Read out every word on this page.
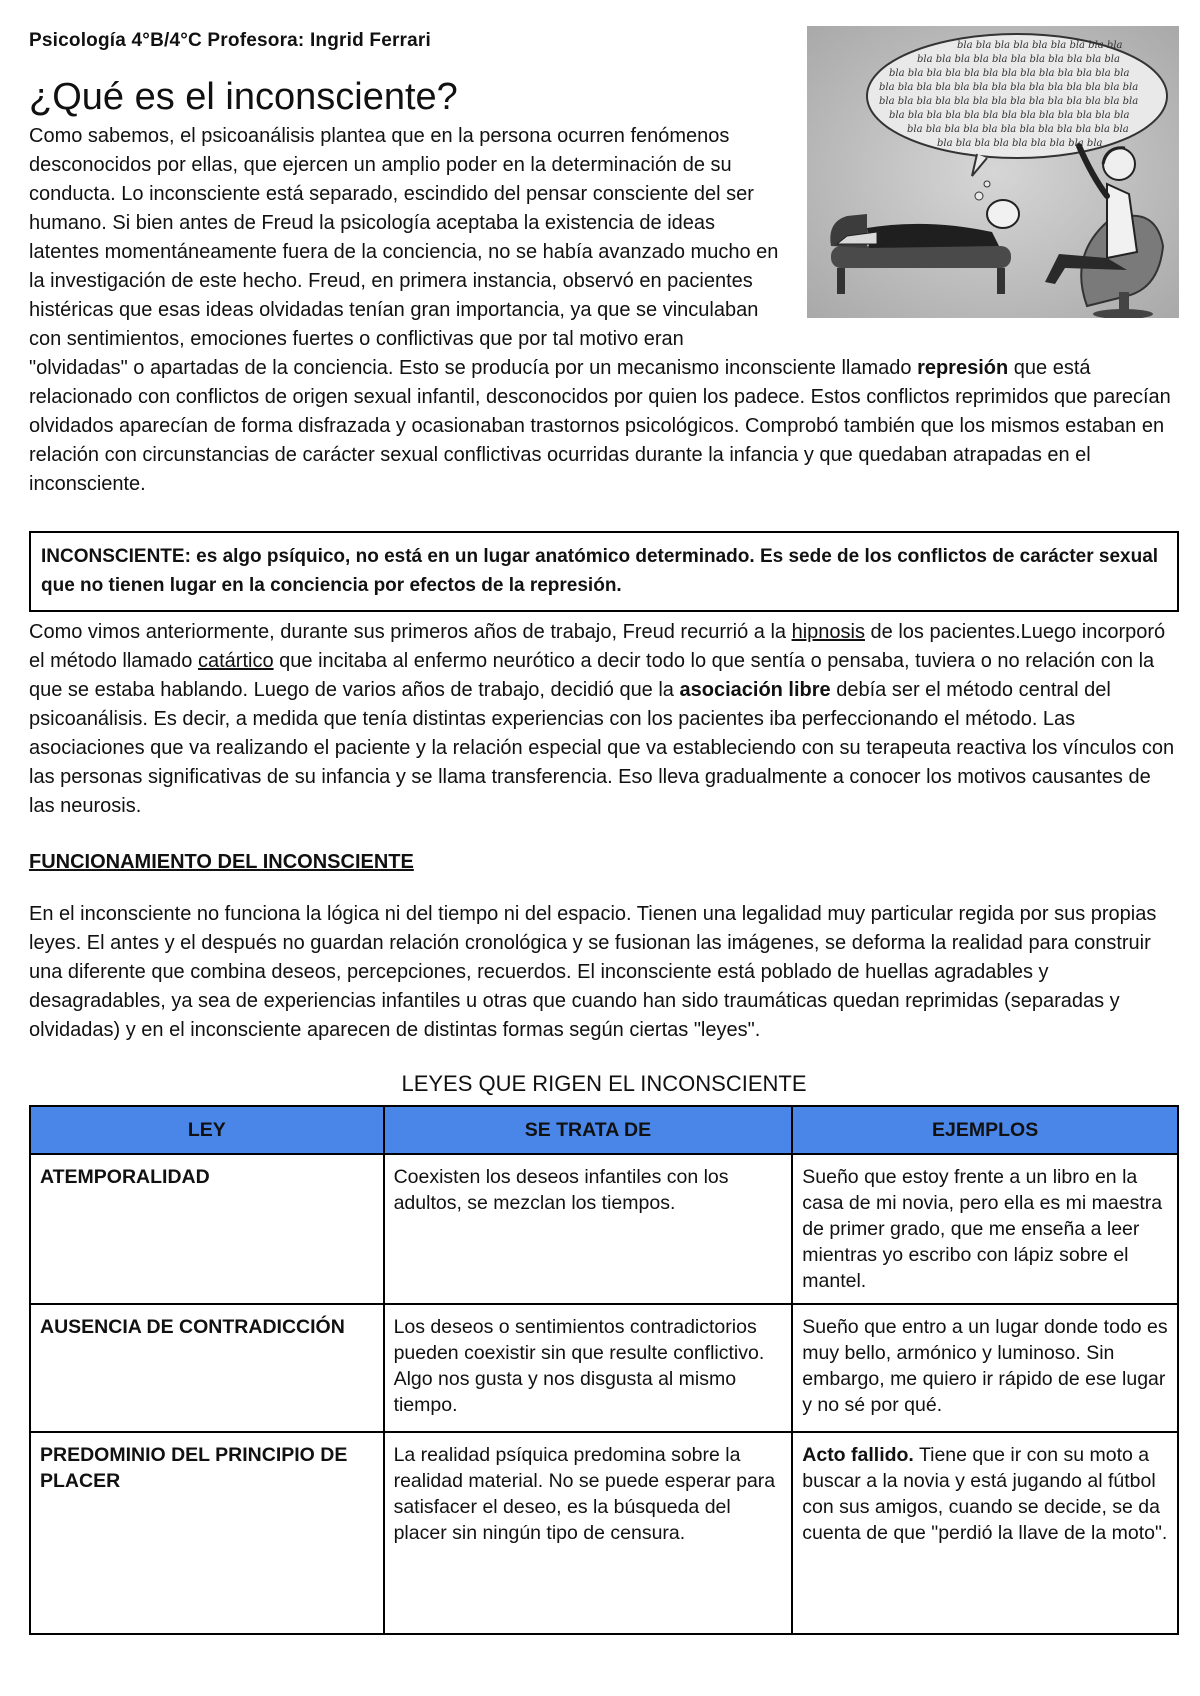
bla bla bla bla bla bla bla bla bla
bla bla bla bla bla bla bla bla bla bla bla
bla bla bla bla bla bla bla bla bla bla bla bla bla
bla bla bla bla bla bla bla bla bla bla bla bla bla bla
bla bla bla bla bla bla bla bla bla bla bla bla bla bla
bla bla bla bla bla bla bla bla bla bla bla bla bla
bla bla bla bla bla bla bla bla bla bla bla bla
bla bla bla bla bla bla bla bla bla
Psicología 4°B/4°C Profesora: Ingrid Ferrari
¿Qué es el inconsciente?

Como sabemos, el psicoanálisis plantea que en la persona ocurren fenómenos desconocidos por ellas, que ejercen un amplio poder en la determinación de su conducta. Lo inconsciente está separado, escindido del pensar consciente del ser humano. Si bien antes de Freud la psicología aceptaba la existencia de ideas latentes momentáneamente fuera de la conciencia, no se había avanzado mucho en la investigación de este hecho. Freud, en primera instancia, observó en pacientes histéricas que esas ideas olvidadas tenían gran importancia, ya que se vinculaban con sentimientos, emociones fuertes o conflictivas que por tal motivo eran "olvidadas" o apartadas de la conciencia. Esto se producía por un mecanismo inconsciente llamado represión que está relacionado con conflictos de origen sexual infantil, desconocidos por quien los padece. Estos conflictos reprimidos que parecían olvidados aparecían de forma disfrazada y ocasionaban trastornos psicológicos. Comprobó también que los mismos estaban en relación con circunstancias de carácter sexual conflictivas ocurridas durante la infancia y que quedaban atrapadas en el inconsciente.

INCONSCIENTE: es algo psíquico, no está en un lugar anatómico determinado. Es sede de los conflictos de carácter sexual que no tienen lugar en la conciencia por efectos de la represión.

Como vimos anteriormente, durante sus primeros años de trabajo, Freud recurrió a la hipnosis de los pacientes.Luego incorporó el método llamado catártico que incitaba al enfermo neurótico a decir todo lo que sentía o pensaba, tuviera o no relación con la que se estaba hablando. Luego de varios años de trabajo, decidió que la asociación libre debía ser el método central del psicoanálisis. Es decir, a medida que tenía distintas experiencias con los pacientes iba perfeccionando el método. Las asociaciones que va realizando el paciente y la relación especial que va estableciendo con su terapeuta reactiva los vínculos con las personas significativas de su infancia y se llama transferencia. Eso lleva gradualmente a conocer los motivos causantes de las neurosis.

FUNCIONAMIENTO DEL INCONSCIENTE

En el inconsciente no funciona la lógica ni del tiempo ni del espacio. Tienen una legalidad muy particular regida por sus propias leyes. El antes y el después no guardan relación cronológica y se fusionan las imágenes, se deforma la realidad para construir una diferente que combina deseos, percepciones, recuerdos. El inconsciente está poblado de huellas agradables y desagradables, ya sea de experiencias infantiles u otras que cuando han sido traumáticas quedan reprimidas (separadas y olvidadas) y en el inconsciente aparecen de distintas formas según ciertas "leyes".

LEYES QUE RIGEN EL INCONSCIENTE
LEY	SE TRATA DE	EJEMPLOS
ATEMPORALIDAD	Coexisten los deseos infantiles con los adultos, se mezclan los tiempos.	Sueño que estoy frente a un libro en la casa de mi novia, pero ella es mi maestra de primer grado, que me enseña a leer mientras yo escribo con lápiz sobre el mantel.
AUSENCIA DE CONTRADICCIÓN	Los deseos o sentimientos contradictorios pueden coexistir sin que resulte conflictivo. Algo nos gusta y nos disgusta al mismo tiempo.	Sueño que entro a un lugar donde todo es muy bello, armónico y luminoso. Sin embargo, me quiero ir rápido de ese lugar y no sé por qué.
PREDOMINIO DEL PRINCIPIO DE PLACER	La realidad psíquica predomina sobre la realidad material. No se puede esperar para satisfacer el deseo, es la búsqueda del placer sin ningún tipo de censura.	Acto fallido. Tiene que ir con su moto a buscar a la novia y está jugando al fútbol con sus amigos, cuando se decide, se da cuenta de que "perdió la llave de la moto".
